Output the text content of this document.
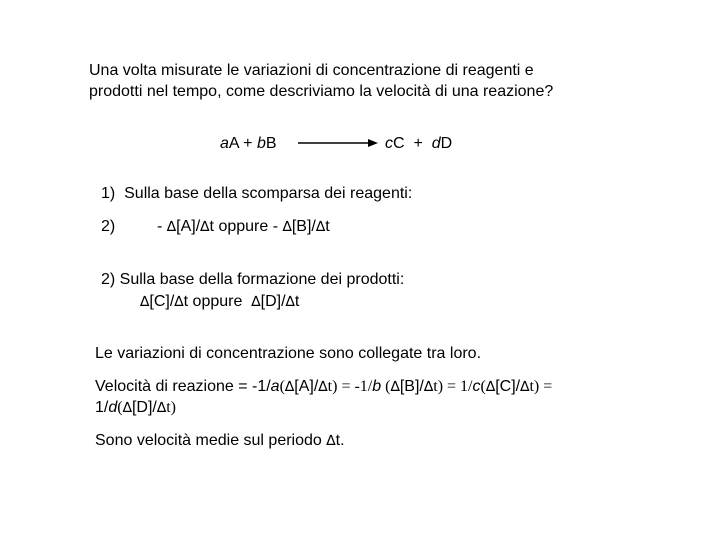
Una volta misurate le variazioni di concentrazione di reagenti e
prodotti nel tempo, come descriviamo la velocità di una reazione?
aA + bB	cC + dD
1) Sulla base della scomparsa dei reagenti:
2)	- ∆[A]/∆t oppure - ∆[B]/∆t
2) Sulla base della formazione dei prodotti:
∆[C]/∆t oppure  ∆[D]/∆t
Le variazioni di concentrazione sono collegate tra loro.
Velocità di reazione = -1/a(∆[A]/∆t) = -1/b (∆[B]/∆t) = 1/c(∆[C]/∆t) =
1/d(∆[D]/∆t)
Sono velocità medie sul periodo ∆t.
